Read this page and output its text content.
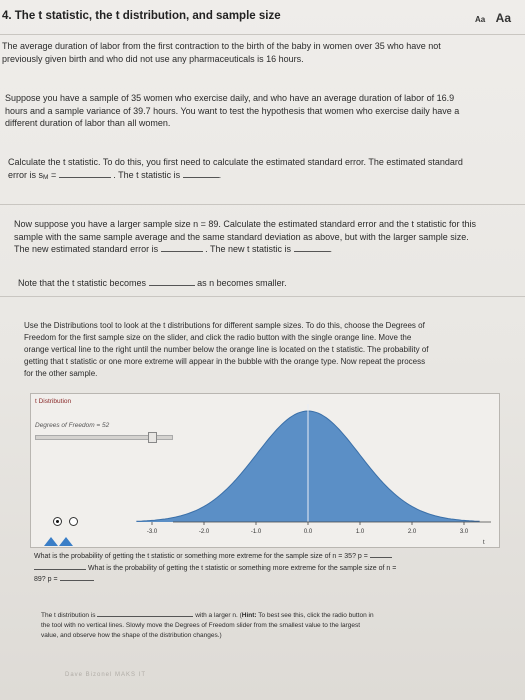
4. The t statistic, the t distribution, and sample size	Aa Aa
The average duration of labor from the first contraction to the birth of the baby in women over 35 who have not
previously given birth and who did not use any pharmaceuticals is 16 hours.
Suppose you have a sample of 35 women who exercise daily, and who have an average duration of labor of 16.9
hours and a sample variance of 39.7 hours. You want to test the hypothesis that women who exercise daily have a
different duration of labor than all women.
Calculate the t statistic. To do this, you first need to calculate the estimated standard error. The estimated standard
error is sM =	. The t statistic is	.
Now suppose you have a larger sample size n = 89. Calculate the estimated standard error and the t statistic for this
sample with the same sample average and the same standard deviation as above, but with the larger sample size.
The new estimated standard error is	. The new t statistic is	.
Note that the t statistic becomes	as n becomes smaller.
Use the Distributions tool to look at the t distributions for different sample sizes. To do this, choose the Degrees of
Freedom for the first sample size on the slider, and click the radio button with the single orange line. Move the
orange vertical line to the right until the number below the orange line is located on the t statistic. The probability of
getting that t statistic or one more extreme will appear in the bubble with the orange type. Now repeat the process
for the other sample.
t Distribution
Degrees of Freedom = 52
-3.0	-2.0	-1.0	0.0	1.0	2.0	3.0
t
What is the probability of getting the t statistic or something more extreme for the sample size of n = 35? p =
What is the probability of getting the t statistic or something more extreme for the sample size of n =
89? p =
The t distribution is	with a larger n. (Hint: To best see this, click the radio button in
the tool with no vertical lines. Slowly move the Degrees of Freedom slider from the smallest value to the largest
value, and observe how the shape of the distribution changes.)
Dave Bizonel MAKS IT
